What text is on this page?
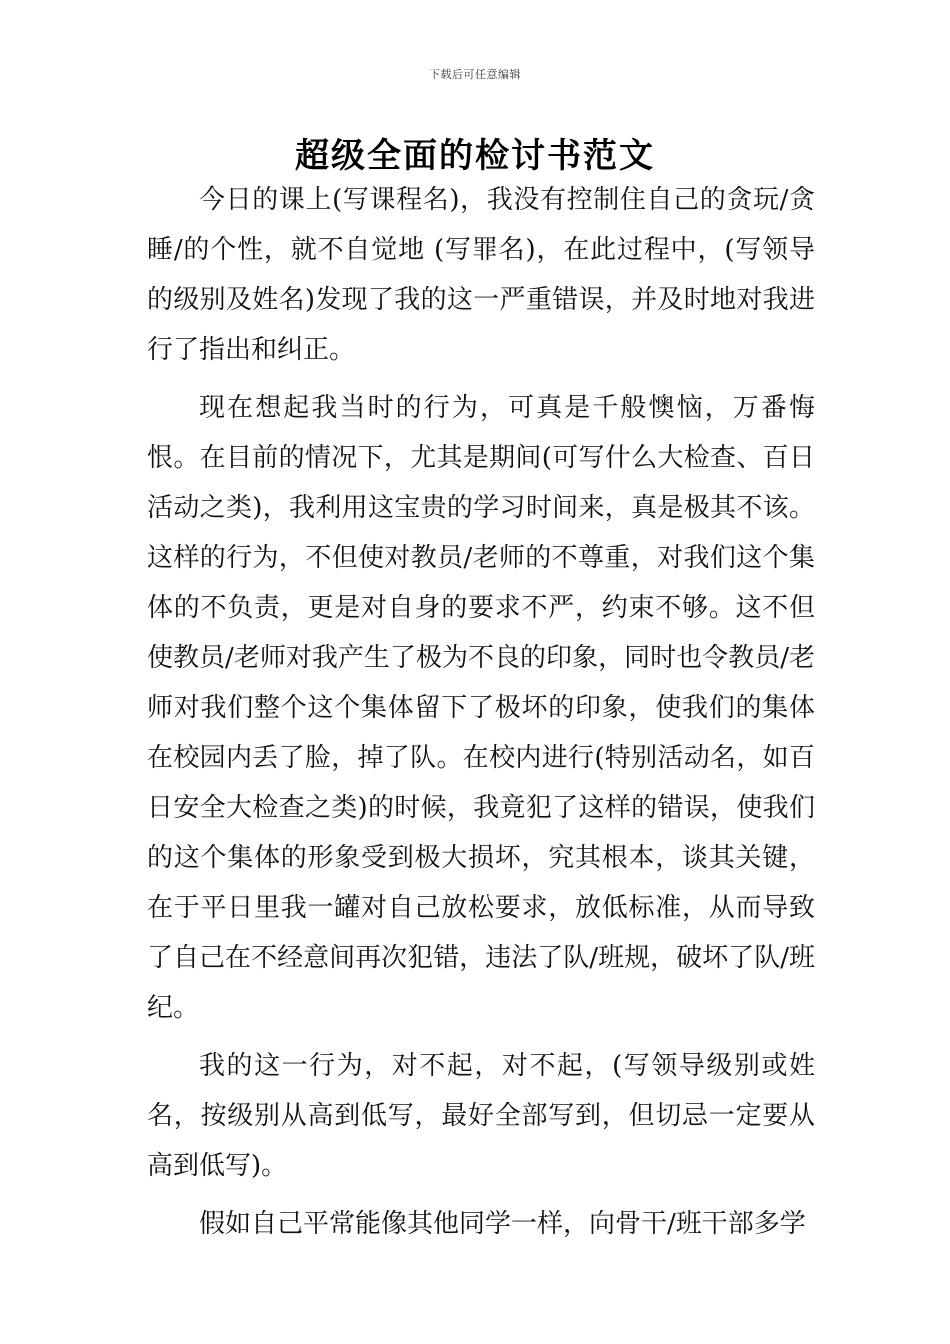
下载后可任意编辑
超级全面的检讨书范文

今日的课上(写课程名)，我没有控制住自己的贪玩/贪睡/的个性，就不自觉地 (写罪名)，在此过程中，(写领导的级别及姓名)发现了我的这一严重错误，并及时地对我进行了指出和纠正。

现在想起我当时的行为，可真是千般懊恼，万番悔恨。在目前的情况下，尤其是期间(可写什么大检查、百日活动之类)，我利用这宝贵的学习时间来，真是极其不该。这样的行为，不但使对教员/老师的不尊重，对我们这个集体的不负责，更是对自身的要求不严，约束不够。这不但使教员/老师对我产生了极为不良的印象，同时也令教员/老师对我们整个这个集体留下了极坏的印象，使我们的集体在校园内丢了脸，掉了队。在校内进行(特别活动名，如百日安全大检查之类)的时候，我竟犯了这样的错误，使我们的这个集体的形象受到极大损坏，究其根本，谈其关键，在于平日里我一罐对自己放松要求，放低标准，从而导致了自己在不经意间再次犯错，违法了队/班规，破坏了队/班纪。

我的这一行为，对不起，对不起，(写领导级别或姓名，按级别从高到低写，最好全部写到，但切忌一定要从高到低写)。

假如自己平常能像其他同学一样，向骨干/班干部多学
